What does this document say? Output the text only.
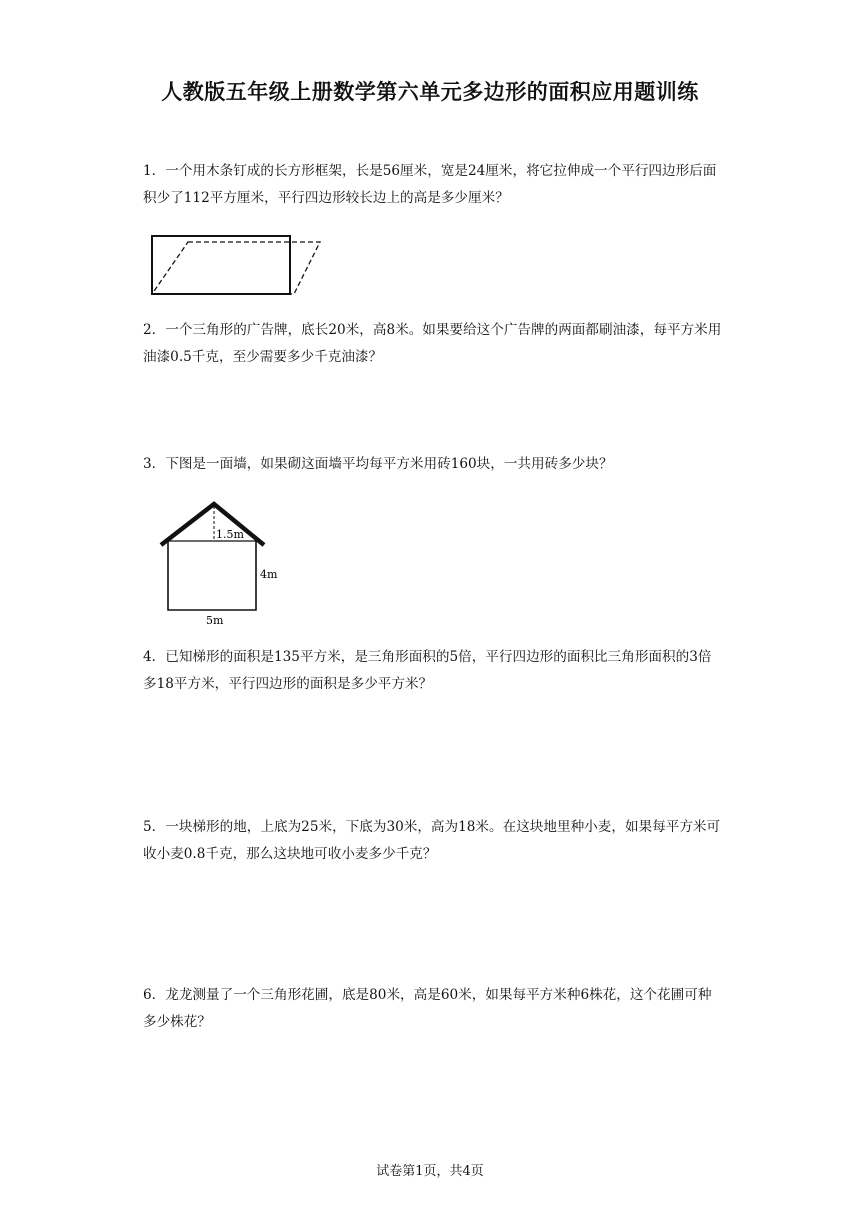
人教版五年级上册数学第六单元多边形的面积应用题训练
1．一个用木条钉成的长方形框架，长是56厘米，宽是24厘米，将它拉伸成一个平行四边形后面积少了112平方厘米，平行四边形较长边上的高是多少厘米？
2．一个三角形的广告牌，底长20米，高8米。如果要给这个广告牌的两面都刷油漆，每平方米用油漆0.5千克，至少需要多少千克油漆？
3．下图是一面墙，如果砌这面墙平均每平方米用砖160块，一共用砖多少块？
1.5m
4m
5m
4．已知梯形的面积是135平方米，是三角形面积的5倍，平行四边形的面积比三角形面积的3倍多18平方米，平行四边形的面积是多少平方米？
5．一块梯形的地，上底为25米，下底为30米，高为18米。在这块地里种小麦，如果每平方米可收小麦0.8千克，那么这块地可收小麦多少千克？
6．龙龙测量了一个三角形花圃，底是80米，高是60米，如果每平方米种6株花，这个花圃可种多少株花？
试卷第1页，共4页
